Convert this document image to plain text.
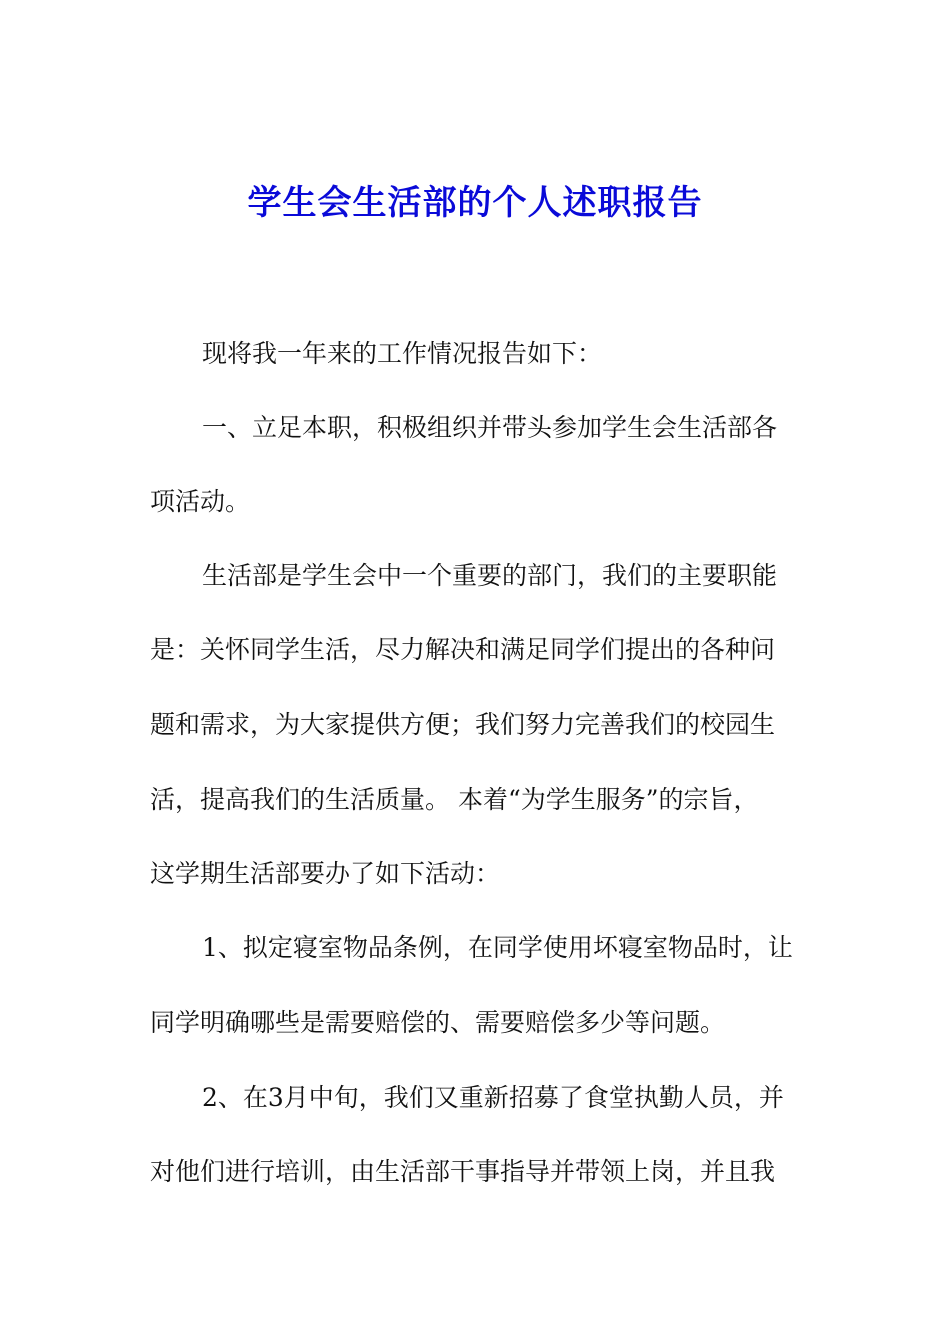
学生会生活部的个人述职报告

现将我一年来的工作情况报告如下：

一、立足本职，积极组织并带头参加学生会生活部各

项活动。

生活部是学生会中一个重要的部门，我们的主要职能

是：关怀同学生活，尽力解决和满足同学们提出的各种问

题和需求，为大家提供方便；我们努力完善我们的校园生

活，提高我们的生活质量。 本着“为学生服务”的宗旨，

这学期生活部要办了如下活动：

1、拟定寝室物品条例，在同学使用坏寝室物品时，让

同学明确哪些是需要赔偿的、需要赔偿多少等问题。

2、在3月中旬，我们又重新招募了食堂执勤人员，并

对他们进行培训，由生活部干事指导并带领上岗，并且我
